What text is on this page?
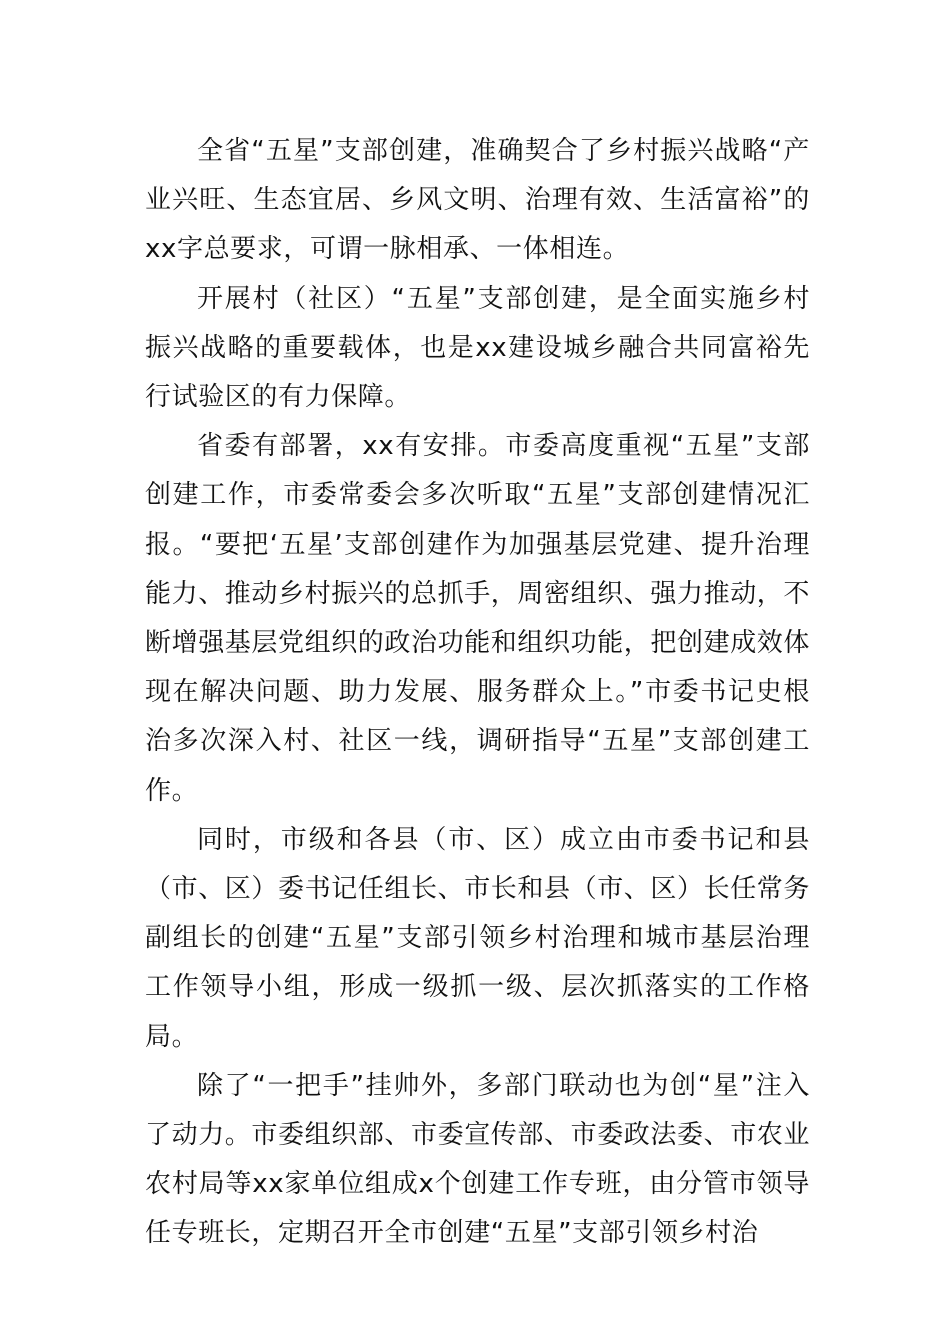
全省“五星”支部创建，准确契合了乡村振兴战略“产业兴旺、生态宜居、乡风文明、治理有效、生活富裕”的xx字总要求，可谓一脉相承、一体相连。

开展村（社区）“五星”支部创建，是全面实施乡村振兴战略的重要载体，也是xx建设城乡融合共同富裕先行试验区的有力保障。

省委有部署，xx有安排。市委高度重视“五星”支部创建工作，市委常委会多次听取“五星”支部创建情况汇报。“要把‘五星’支部创建作为加强基层党建、提升治理能力、推动乡村振兴的总抓手，周密组织、强力推动，不断增强基层党组织的政治功能和组织功能，把创建成效体现在解决问题、助力发展、服务群众上。”市委书记史根治多次深入村、社区一线，调研指导“五星”支部创建工作。

同时，市级和各县（市、区）成立由市委书记和县（市、区）委书记任组长、市长和县（市、区）长任常务副组长的创建“五星”支部引领乡村治理和城市基层治理工作领导小组，形成一级抓一级、层次抓落实的工作格局。

除了“一把手”挂帅外，多部门联动也为创“星”注入了动力。市委组织部、市委宣传部、市委政法委、市农业农村局等xx家单位组成x个创建工作专班，由分管市领导任专班长，定期召开全市创建“五星”支部引领乡村治
